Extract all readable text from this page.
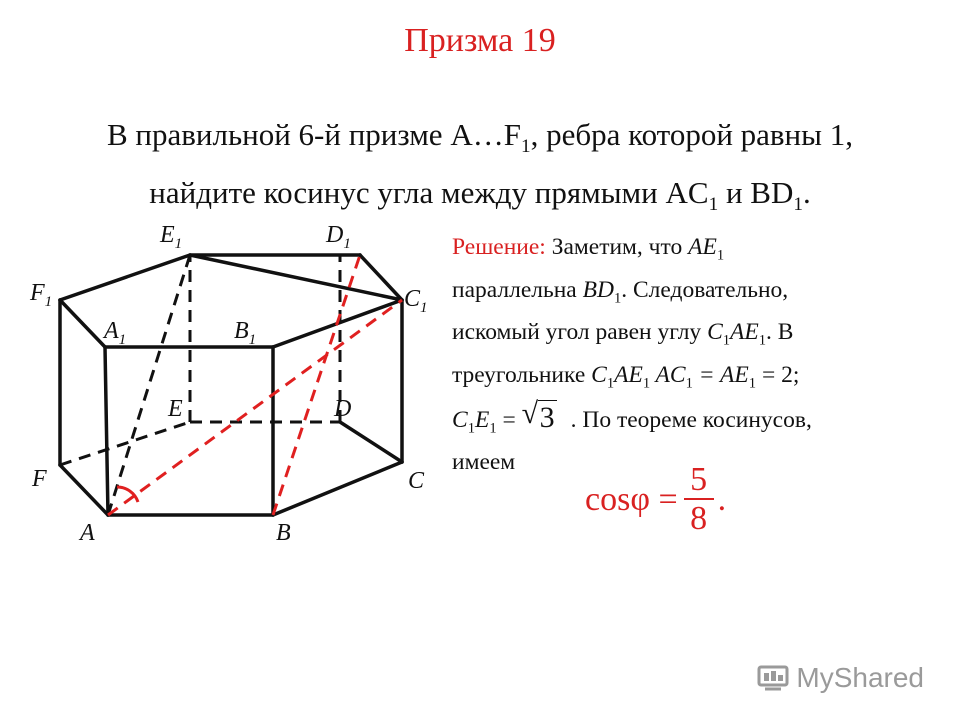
Призма 19
В правильной 6-й призме $A\dots F_1$, ребра которой равны 1,
найдите косинус угла между прямыми $AC_1$ и $BD_1$.
A	B
C
D
E
F
$A_1$	$B_1$
$C_1$
$D_1$
$E_1$
$F_1$
Решение: Заметим, что $AE_1$
параллельна $BD_1$. Следовательно,
искомый угол равен углу $C_1AE_1$. В
треугольнике $C_1AE_1$ $AC_1 = AE_1 = 2$;
$C_1E_1$ = √ 3 . По теореме косинусов,
имеем
$\cos\varphi = \frac{5}{8}$ .
MyShared
